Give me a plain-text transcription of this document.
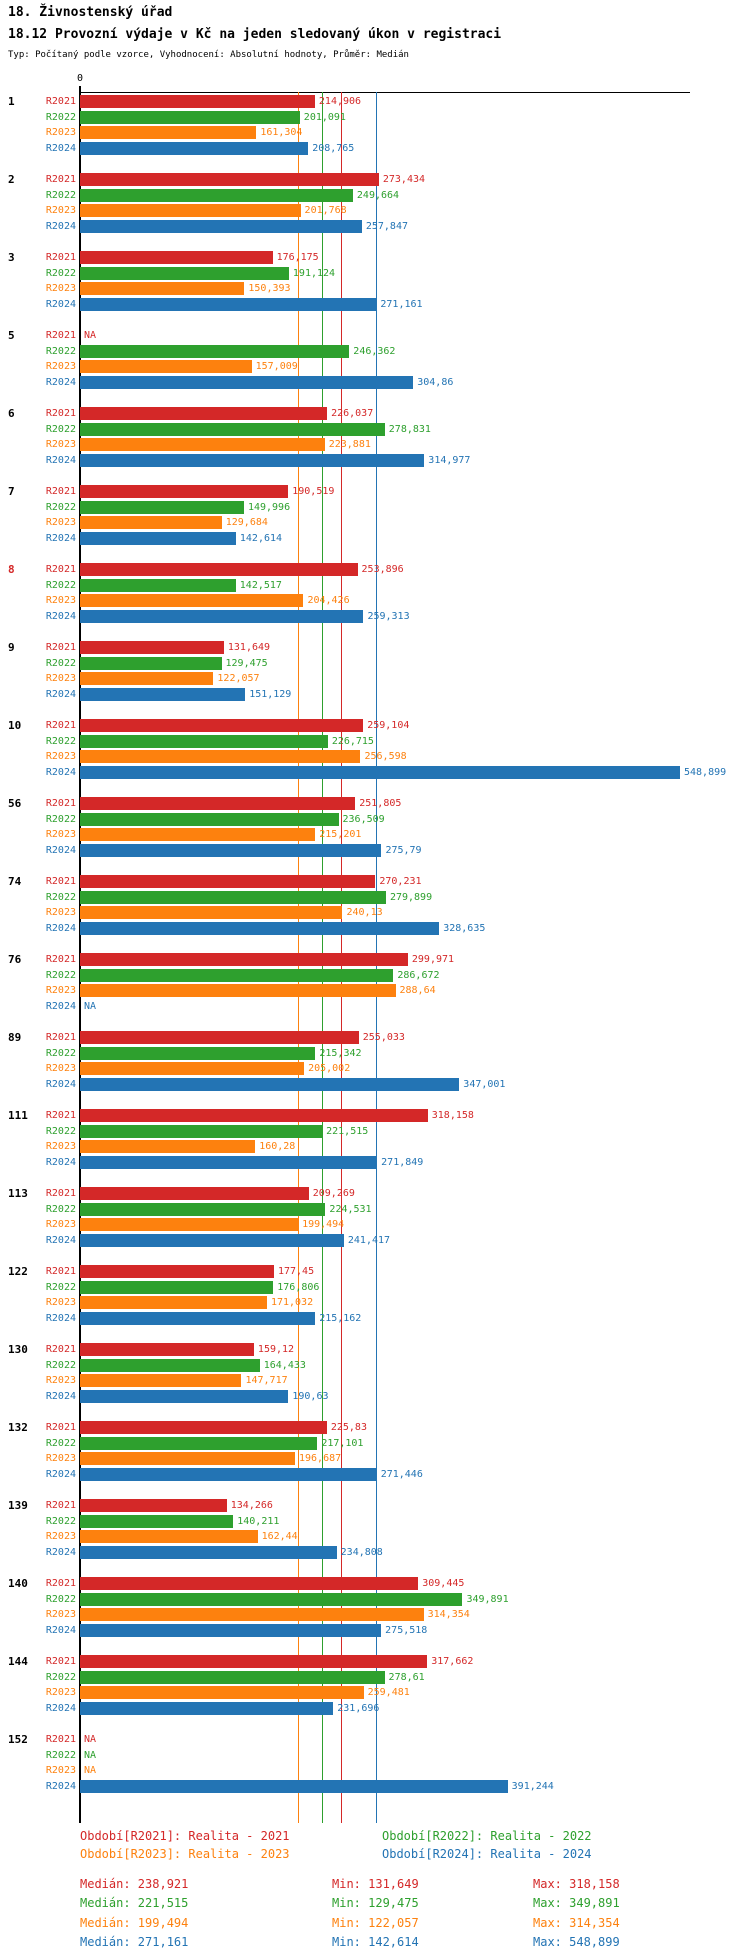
18. Živnostenský úřad
18.12 Provozní výdaje v Kč na jeden sledovaný úkon v registraci
Typ: Počítaný podle vzorce, Vyhodnocení: Absolutní hodnoty, Průměr: Medián
0
1	R2021	214,906
R2022	201,091
R2023	161,304
R2024	208,765
2	R2021	273,434
R2022	249,664
R2023	201,768
R2024	257,847
3	R2021	176,175
R2022	191,124
R2023	150,393
R2024	271,161
5	R2021 NA
R2022	246,362
R2023	157,009
R2024	304,86
6	R2021	226,037
R2022	278,831
R2023	223,881
R2024	314,977
7	R2021	190,519
R2022	149,996
R2023	129,684
R2024	142,614
8	R2021	253,896
R2022	142,517
R2023	204,426
R2024	259,313
9	R2021	131,649
R2022	129,475
R2023	122,057
R2024	151,129
10	R2021	259,104
R2022	226,715
R2023	256,598
R2024	548,899
56	R2021	251,805
R2022	236,509
R2023	215,201
R2024	275,79
74	R2021	270,231
R2022	279,899
R2023	240,13
R2024	328,635
76	R2021	299,971
R2022	286,672
R2023	288,64
R2024 NA
89	R2021	255,033
R2022	215,342
R2023	205,002
R2024	347,001
111	R2021	318,158
R2022	221,515
R2023	160,28
R2024	271,849
113	R2021	209,269
R2022	224,531
R2023	199,494
R2024	241,417
122	R2021	177,45
R2022	176,806
R2023	171,032
R2024	215,162
130	R2021	159,12
R2022	164,433
R2023	147,717
R2024	190,63
132	R2021	225,83
R2022	217,101
R2023	196,687
R2024	271,446
139	R2021	134,266
R2022	140,211
R2023	162,44
R2024	234,808
140	R2021	309,445
R2022	349,891
R2023	314,354
R2024	275,518
144	R2021	317,662
R2022	278,61
R2023	259,481
R2024	231,696
152	R2021 NA
R2022 NA
R2023 NA
R2024	391,244
Období[R2021]: Realita - 2021	Období[R2022]: Realita - 2022
Období[R2023]: Realita - 2023	Období[R2024]: Realita - 2024
Medián: 238,921	Min: 131,649	Max: 318,158
Medián: 221,515	Min: 129,475	Max: 349,891
Medián: 199,494	Min: 122,057	Max: 314,354
Medián: 271,161	Min: 142,614	Max: 548,899
